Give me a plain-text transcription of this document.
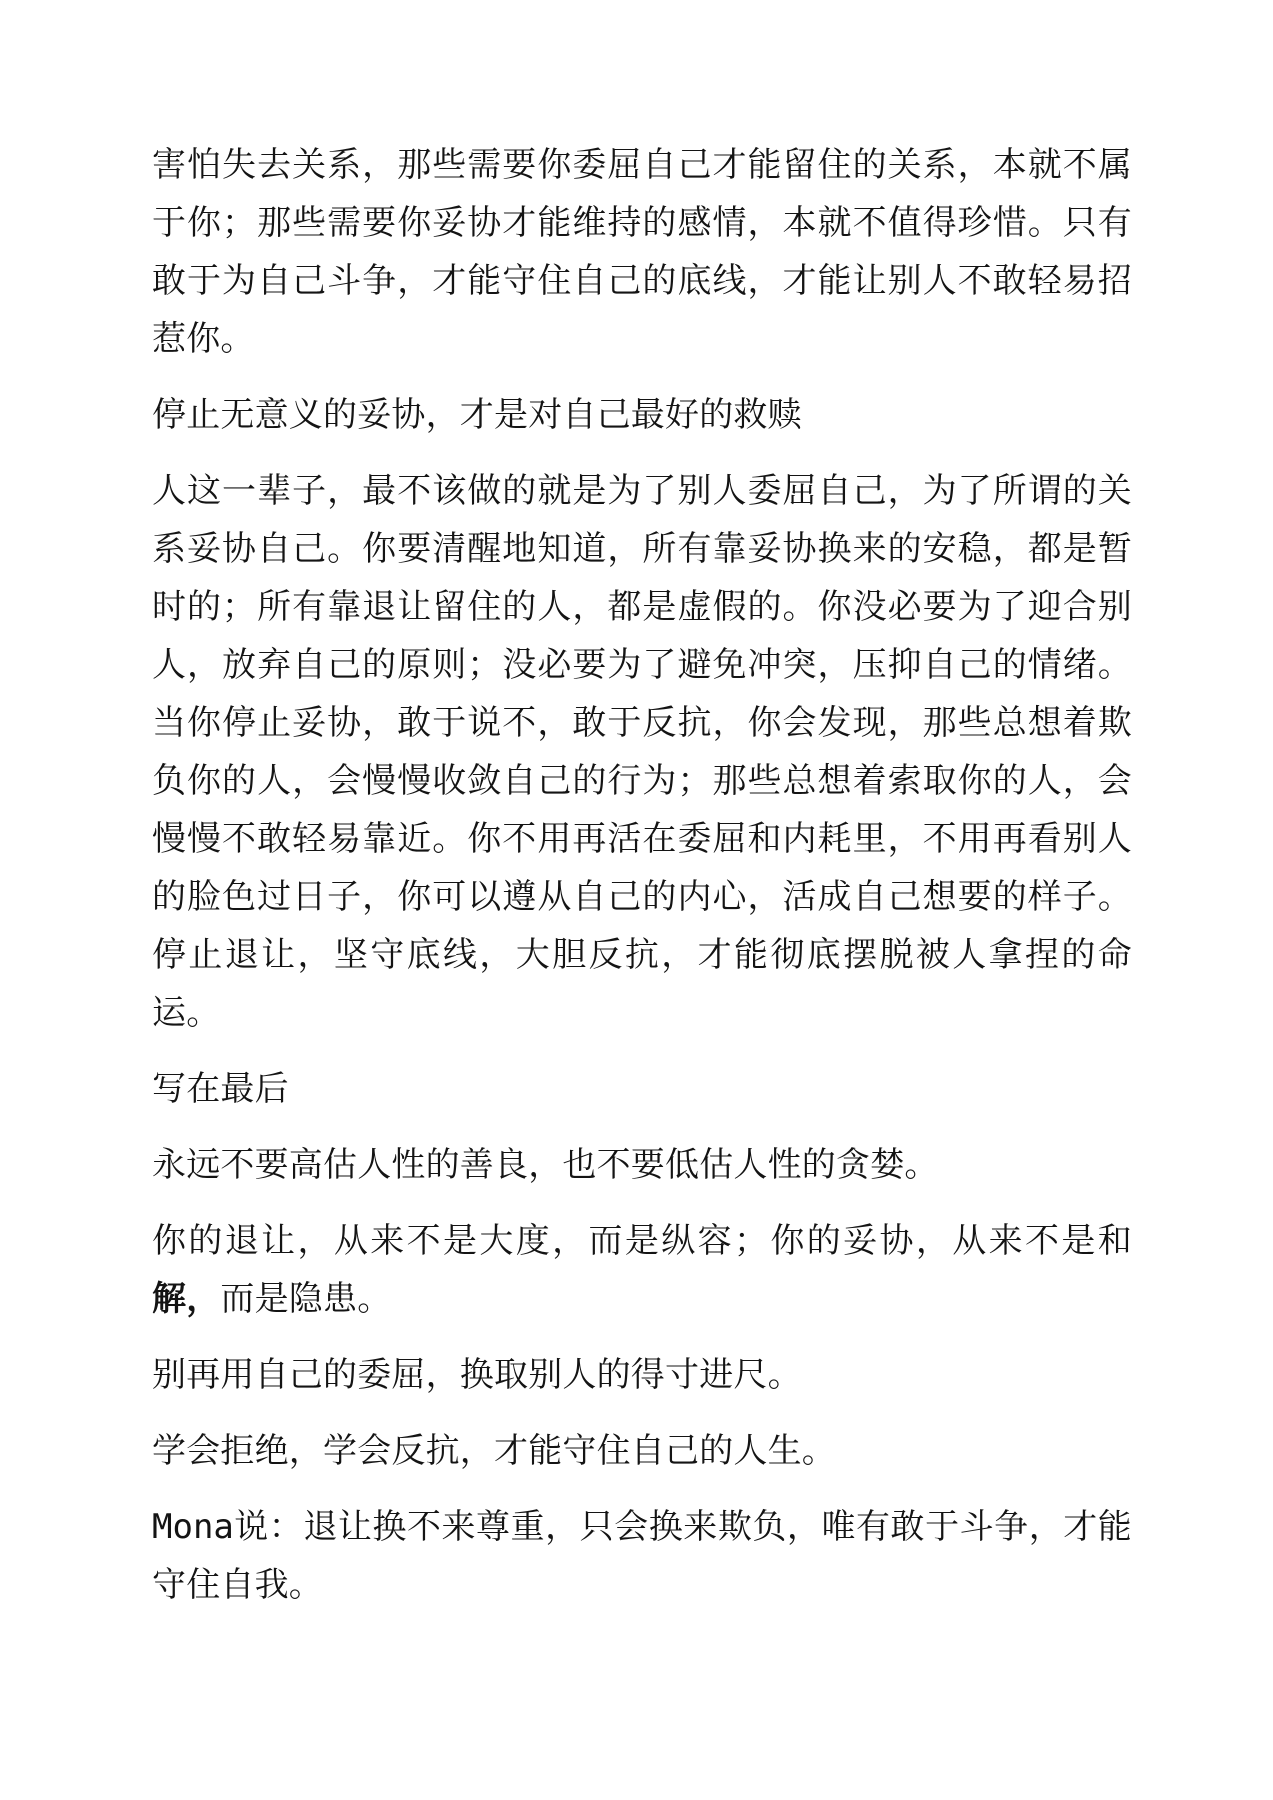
害怕失去关系，那些需要你委屈自己才能留住的关系，本就不属于你；那些需要你妥协才能维持的感情，本就不值得珍惜。只有敢于为自己斗争，才能守住自己的底线，才能让别人不敢轻易招惹你。

停止无意义的妥协，才是对自己最好的救赎

人这一辈子，最不该做的就是为了别人委屈自己，为了所谓的关系妥协自己。你要清醒地知道，所有靠妥协换来的安稳，都是暂时的；所有靠退让留住的人，都是虚假的。你没必要为了迎合别人，放弃自己的原则；没必要为了避免冲突，压抑自己的情绪。当你停止妥协，敢于说不，敢于反抗，你会发现，那些总想着欺负你的人，会慢慢收敛自己的行为；那些总想着索取你的人，会慢慢不敢轻易靠近。你不用再活在委屈和内耗里，不用再看别人的脸色过日子，你可以遵从自己的内心，活成自己想要的样子。停止退让，坚守底线，大胆反抗，才能彻底摆脱被人拿捏的命运。

写在最后

永远不要高估人性的善良，也不要低估人性的贪婪。

你的退让，从来不是大度，而是纵容；你的妥协，从来不是和解，而是隐患。

别再用自己的委屈，换取别人的得寸进尺。

学会拒绝，学会反抗，才能守住自己的人生。

Mona说：退让换不来尊重，只会换来欺负，唯有敢于斗争，才能守住自我。
